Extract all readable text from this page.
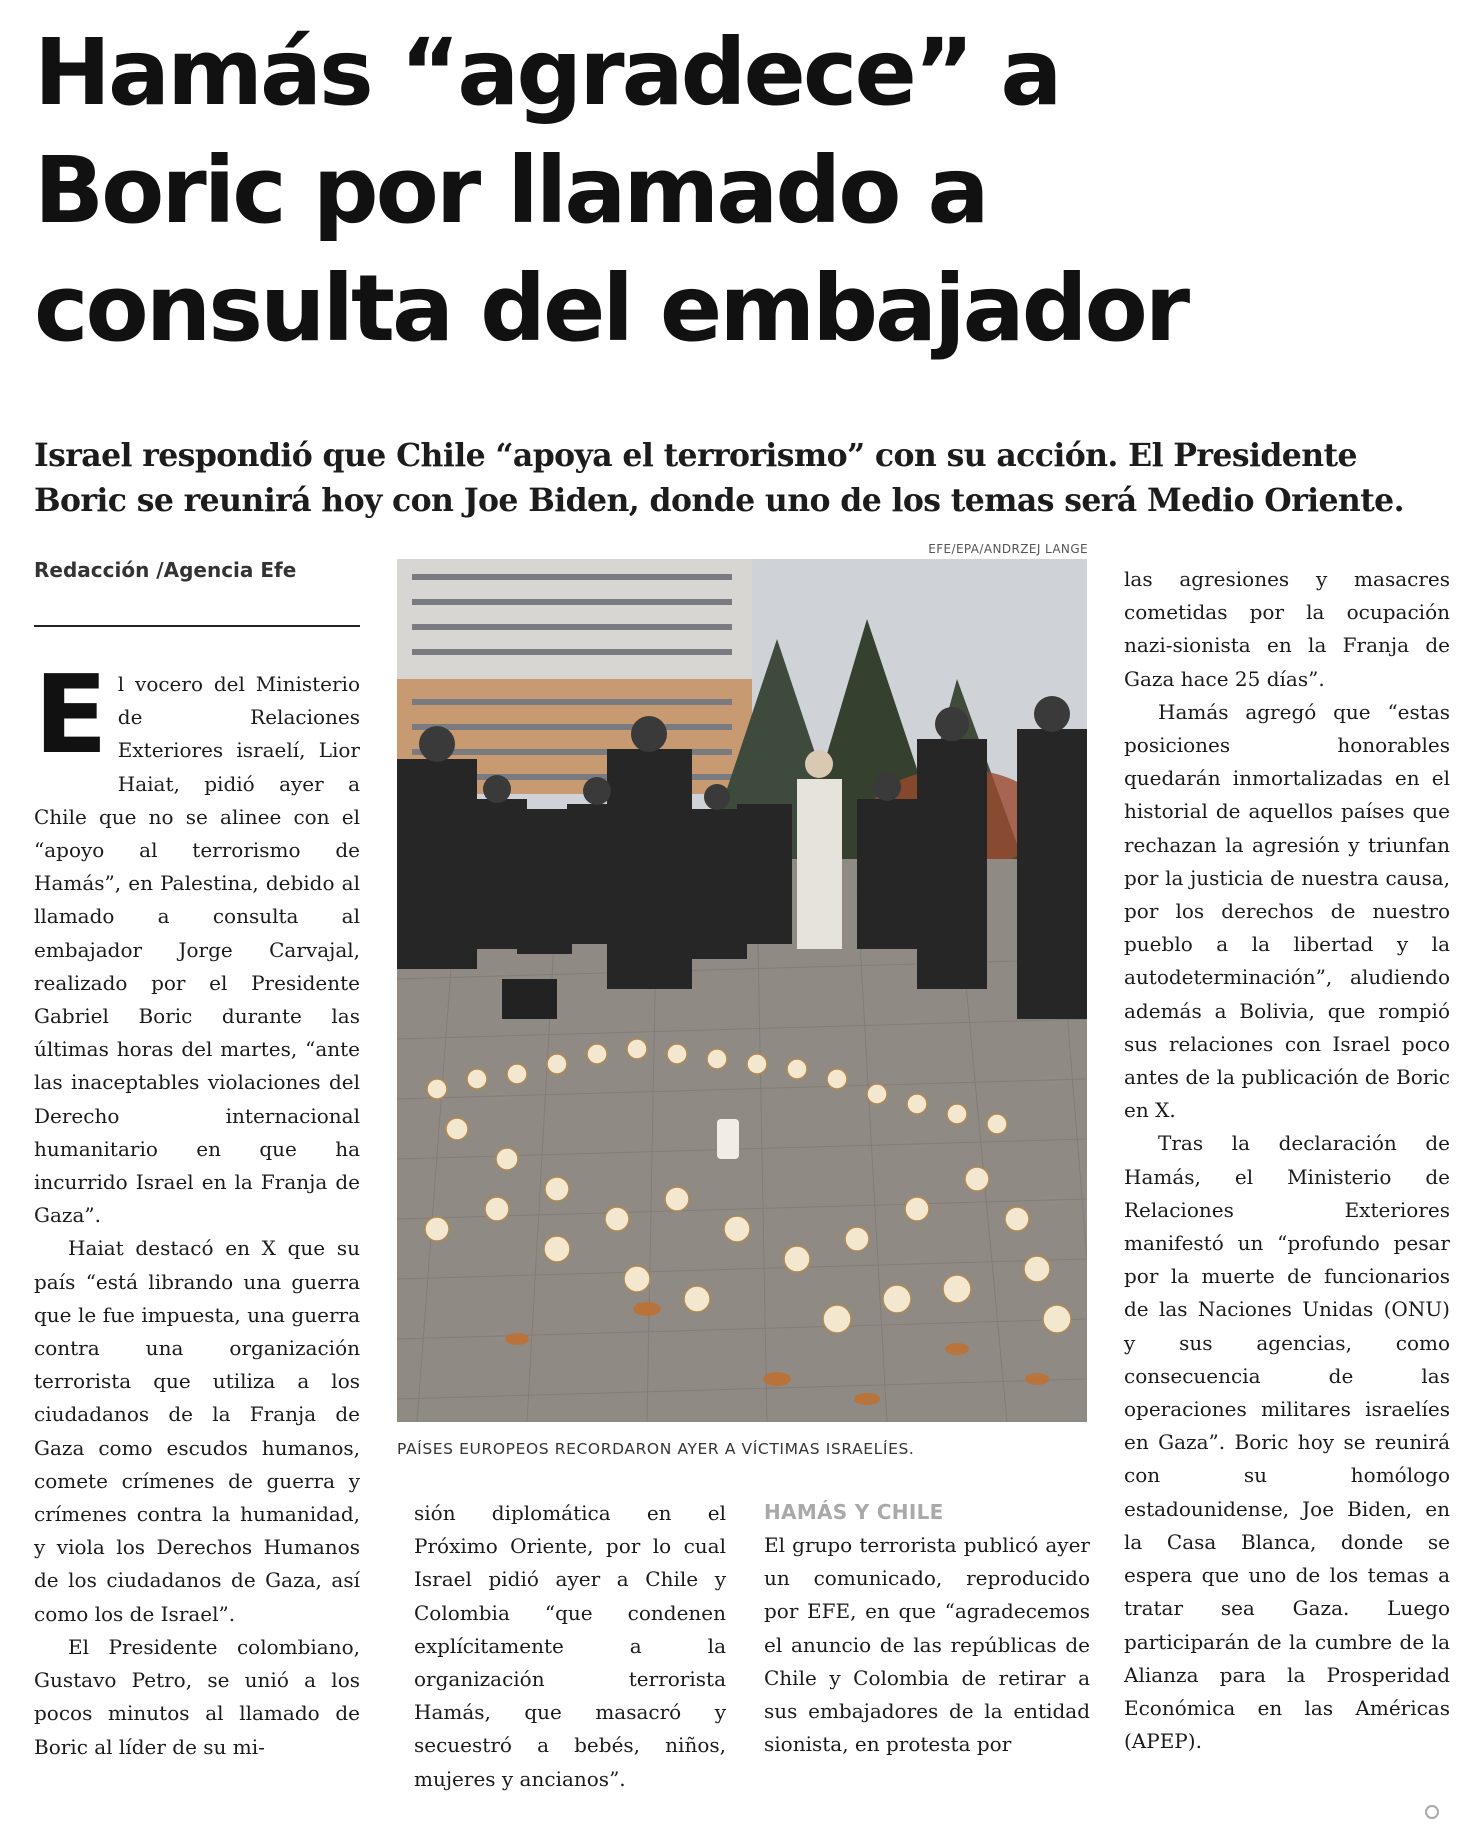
Hamás “agradece” a
Boric por llamado a
consulta del embajador
Israel respondió que Chile “apoya el terrorismo” con su acción. El Presidente
Boric se reunirá hoy con Joe Biden, donde uno de los temas será Medio Oriente.
Redacción /Agencia Efe

El vocero del Ministerio de Relaciones Exteriores israelí, Lior Haiat, pidió ayer a Chile que no se alinee con el “apoyo al terrorismo de Hamás”, en Palestina, debido al llamado a consulta al embajador Jorge Carvajal, realizado por el Presidente Gabriel Boric durante las últimas horas del martes, “ante las inaceptables violaciones del Derecho internacional humanitario en que ha incurrido Israel en la Franja de Gaza”.

Haiat destacó en X que su país “está librando una guerra que le fue impuesta, una guerra contra una organización terrorista que utiliza a los ciudadanos de la Franja de Gaza como escudos humanos, comete crímenes de guerra y crímenes contra la humanidad, y viola los Derechos Humanos de los ciudadanos de Gaza, así como los de Israel”.

El Presidente colombiano, Gustavo Petro, se unió a los pocos minutos al llamado de Boric al líder de su mi-

EFE/EPA/ANDRZEJ LANGE
PAÍSES EUROPEOS RECORDARON AYER A VÍCTIMAS ISRAELÍES.

sión diplomática en el Próximo Oriente, por lo cual Israel pidió ayer a Chile y Colombia “que condenen explícitamente a la organización terrorista Hamás, que masacró y secuestró a bebés, niños, mujeres y ancianos”.

HAMÁS Y CHILE

El grupo terrorista publicó ayer un comunicado, reproducido por EFE, en que “agradecemos el anuncio de las repúblicas de Chile y Colombia de retirar a sus embajadores de la entidad sionista, en protesta por

las agresiones y masacres cometidas por la ocupación nazi-sionista en la Franja de Gaza hace 25 días”.

Hamás agregó que “estas posiciones honorables quedarán inmortalizadas en el historial de aquellos países que rechazan la agresión y triunfan por la justicia de nuestra causa, por los derechos de nuestro pueblo a la libertad y la autodeterminación”, aludiendo además a Bolivia, que rompió sus relaciones con Israel poco antes de la publicación de Boric en X.

Tras la declaración de Hamás, el Ministerio de Relaciones Exteriores manifestó un “profundo pesar por la muerte de funcionarios de las Naciones Unidas (ONU) y sus agencias, como consecuencia de las operaciones militares israelíes en Gaza”. Boric hoy se reunirá con su homólogo estadounidense, Joe Biden, en la Casa Blanca, donde se espera que uno de los temas a tratar sea Gaza. Luego participarán de la cumbre de la Alianza para la Prosperidad Económica en las Américas (APEP).
